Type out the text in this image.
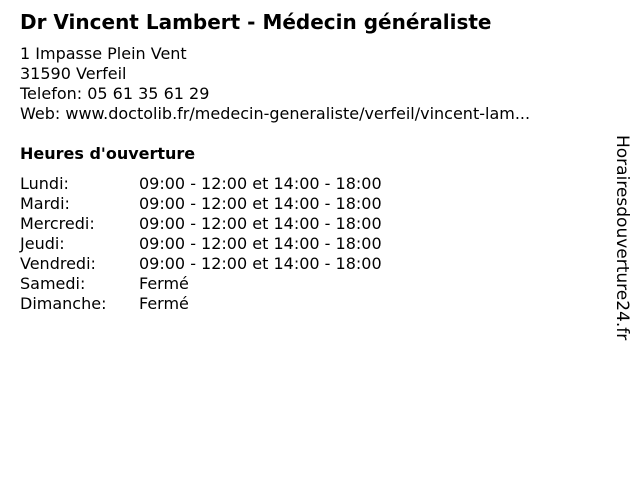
Dr Vincent Lambert - Médecin généraliste
1 Impasse Plein Vent
31590 Verfeil
Telefon: 05 61 35 61 29
Web: www.doctolib.fr/medecin-generaliste/verfeil/vincent-lam...
Heures d'ouverture
Lundi:	09:00 - 12:00 et 14:00 - 18:00
Mardi:	09:00 - 12:00 et 14:00 - 18:00
Mercredi:	09:00 - 12:00 et 14:00 - 18:00
Jeudi:	09:00 - 12:00 et 14:00 - 18:00
Vendredi:	09:00 - 12:00 et 14:00 - 18:00
Samedi:	Fermé
Dimanche: Fermé	Horairesdouverture24.fr
